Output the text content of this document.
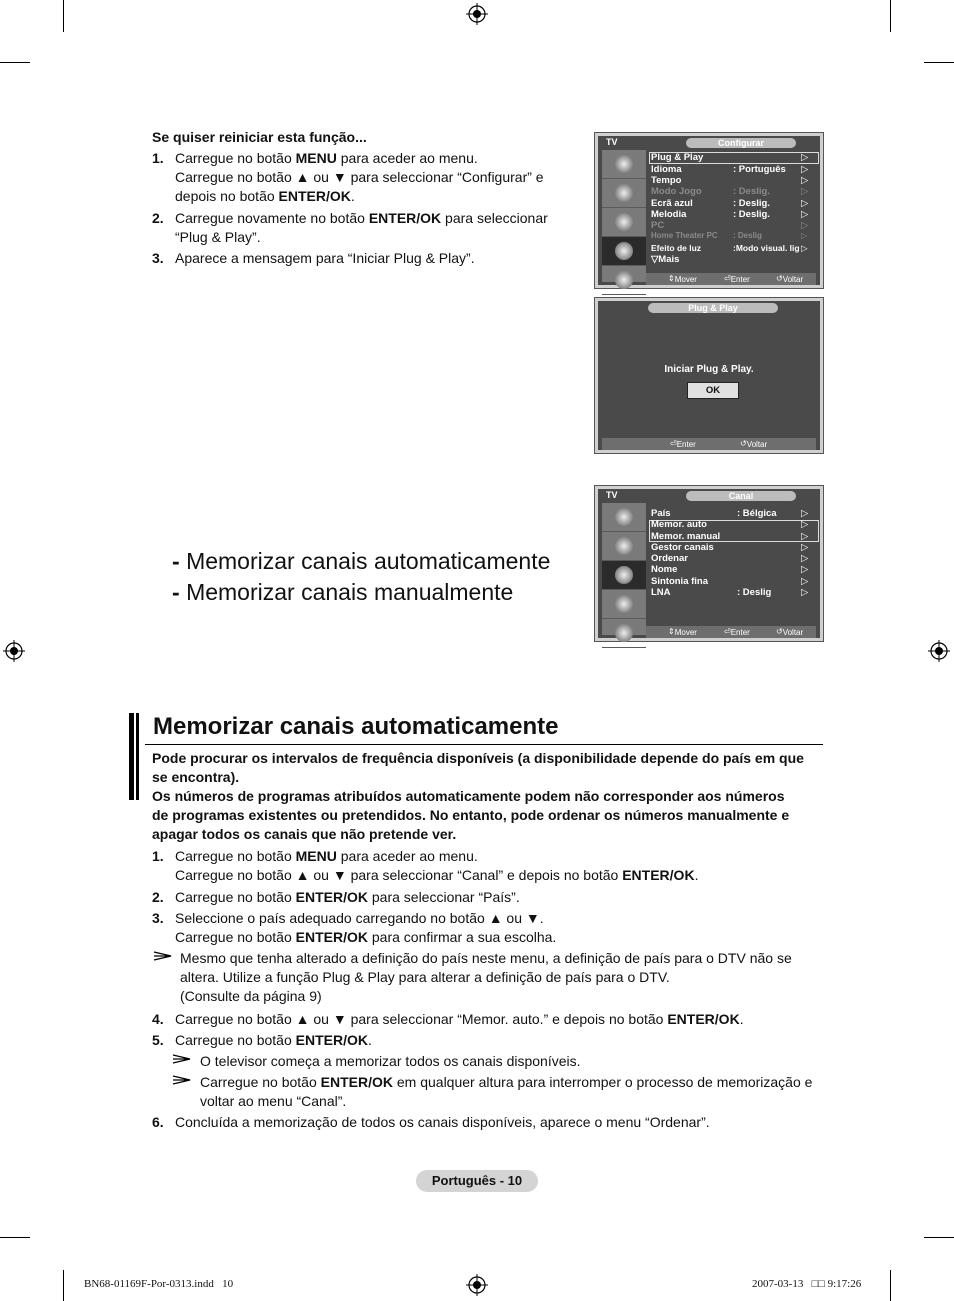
Se quiser reiniciar esta função...
1. Carregue no botão MENU para aceder ao menu.
Carregue no botão ▲ ou ▼ para seleccionar “Configurar” e
depois no botão ENTER/OK.
2. Carregue novamente no botão ENTER/OK para seleccionar
“Plug & Play”.
3. Aparece a mensagem para “Iniciar Plug & Play”.
TV	Configurar
Plug & Play	▷
Idioma	: Português ▷
Tempo	▷
Modo Jogo	: Deslig.	▷
Ecrã azul	: Deslig.	▷
Melodia	: Deslig.	▷
PC	▷
Home Theater PC : Deslig	▷
Efeito de luz	:Modo visual. lig ▷
▽Mais
⇕ Mover	⏎ Enter	↺ Voltar
Plug & Play
Iniciar Plug & Play.
OK
⏎ Enter	↺ Voltar
TV	Canal
País	: Bélgica	▷
Memor. auto	▷
Memor. manual	▷
Gestor canais	▷
Ordenar	▷
Nome	▷
Sintonia fina	▷
LNA	: Deslig	▷
⇕ Mover	⏎ Enter	↺ Voltar
- Memorizar canais automaticamente
- Memorizar canais manualmente
Memorizar canais automaticamente
Pode procurar os intervalos de frequência disponíveis (a disponibilidade depende do país em que
se encontra).
Os números de programas atribuídos automaticamente podem não corresponder aos números
de programas existentes ou pretendidos. No entanto, pode ordenar os números manualmente e
apagar todos os canais que não pretende ver.
1. Carregue no botão MENU para aceder ao menu.
Carregue no botão ▲ ou ▼ para seleccionar “Canal” e depois no botão ENTER/OK.
2. Carregue no botão ENTER/OK para seleccionar “País”.
3. Seleccione o país adequado carregando no botão ▲ ou ▼.
Carregue no botão ENTER/OK para confirmar a sua escolha.
Mesmo que tenha alterado a definição do país neste menu, a definição de país para o DTV não se
altera. Utilize a função Plug & Play para alterar a definição de país para o DTV.
(Consulte da página 9)
4. Carregue no botão ▲ ou ▼ para seleccionar “Memor. auto.” e depois no botão ENTER/OK.
5. Carregue no botão ENTER/OK.
O televisor começa a memorizar todos os canais disponíveis.
Carregue no botão ENTER/OK em qualquer altura para interromper o processo de memorização e
voltar ao menu “Canal”.
6. Concluída a memorização de todos os canais disponíveis, aparece o menu “Ordenar”.
Português - 10
BN68-01169F-Por-0313.indd   10	2007-03-13   □□ 9:17:26
